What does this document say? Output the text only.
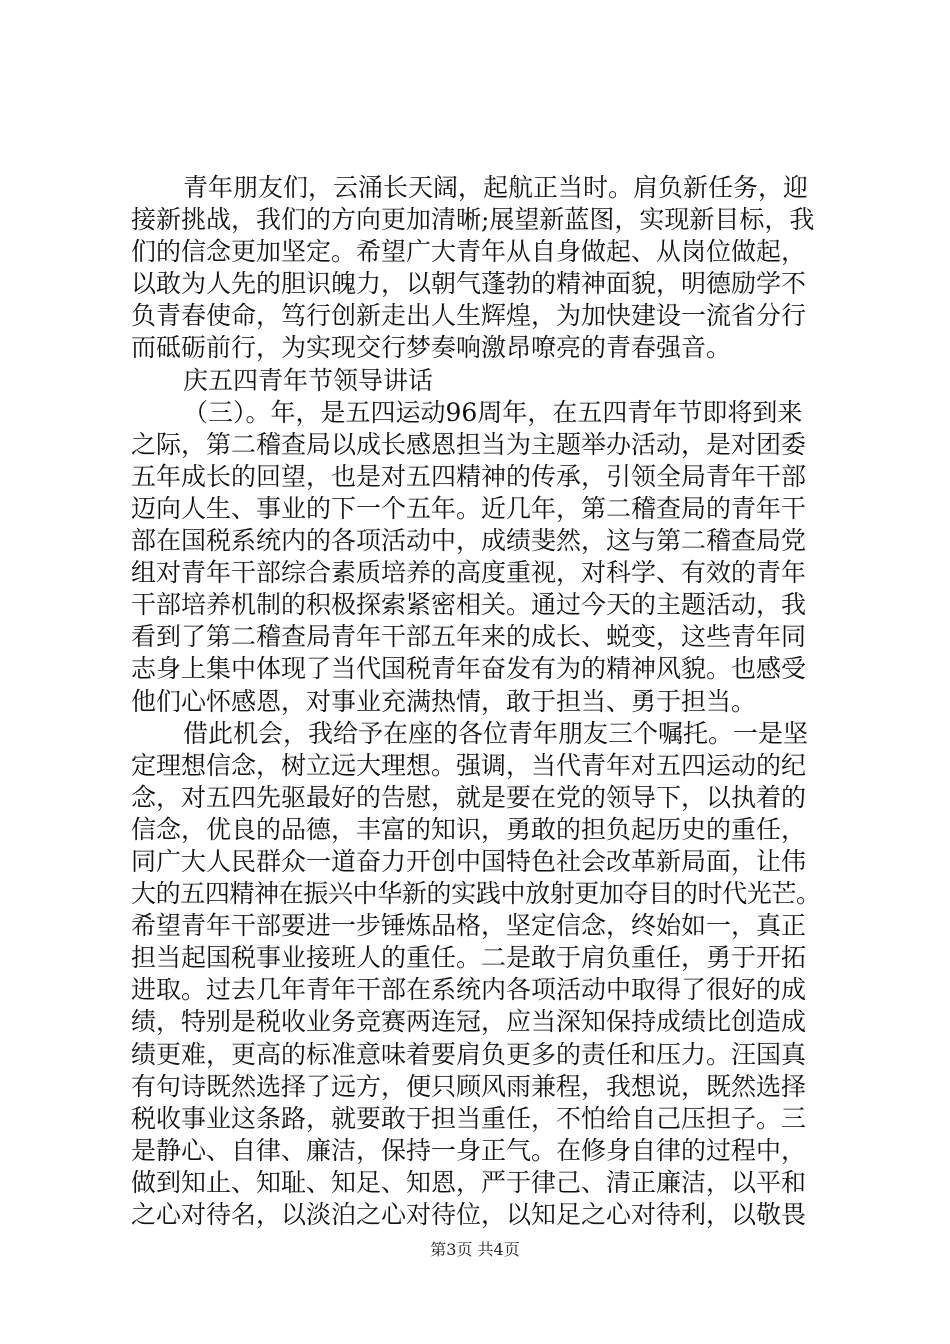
青年朋友们，云涌长天阔，起航正当时。肩负新任务，迎
接新挑战，我们的方向更加清晰;展望新蓝图，实现新目标，我
们的信念更加坚定。希望广大青年从自身做起、从岗位做起，
以敢为人先的胆识魄力，以朝气蓬勃的精神面貌，明德励学不
负青春使命，笃行创新走出人生辉煌，为加快建设一流省分行
而砥砺前行，为实现交行梦奏响激昂嘹亮的青春强音。
庆五四青年节领导讲话
（三）。年，是五四运动96周年，在五四青年节即将到来
之际，第二稽查局以成长感恩担当为主题举办活动，是对团委
五年成长的回望，也是对五四精神的传承，引领全局青年干部
迈向人生、事业的下一个五年。近几年，第二稽查局的青年干
部在国税系统内的各项活动中，成绩斐然，这与第二稽查局党
组对青年干部综合素质培养的高度重视，对科学、有效的青年
干部培养机制的积极探索紧密相关。通过今天的主题活动，我
看到了第二稽查局青年干部五年来的成长、蜕变，这些青年同
志身上集中体现了当代国税青年奋发有为的精神风貌。也感受
他们心怀感恩，对事业充满热情，敢于担当、勇于担当。
借此机会，我给予在座的各位青年朋友三个嘱托。一是坚
定理想信念，树立远大理想。强调，当代青年对五四运动的纪
念，对五四先驱最好的告慰，就是要在党的领导下，以执着的
信念，优良的品德，丰富的知识，勇敢的担负起历史的重任，
同广大人民群众一道奋力开创中国特色社会改革新局面，让伟
大的五四精神在振兴中华新的实践中放射更加夺目的时代光芒。
希望青年干部要进一步锤炼品格，坚定信念，终始如一，真正
担当起国税事业接班人的重任。二是敢于肩负重任，勇于开拓
进取。过去几年青年干部在系统内各项活动中取得了很好的成
绩，特别是税收业务竞赛两连冠，应当深知保持成绩比创造成
绩更难，更高的标准意味着要肩负更多的责任和压力。汪国真
有句诗既然选择了远方，便只顾风雨兼程，我想说，既然选择
税收事业这条路，就要敢于担当重任，不怕给自己压担子。三
是静心、自律、廉洁，保持一身正气。在修身自律的过程中，
做到知止、知耻、知足、知恩，严于律己、清正廉洁，以平和
之心对待名，以淡泊之心对待位，以知足之心对待利，以敬畏
第3页 共4页
